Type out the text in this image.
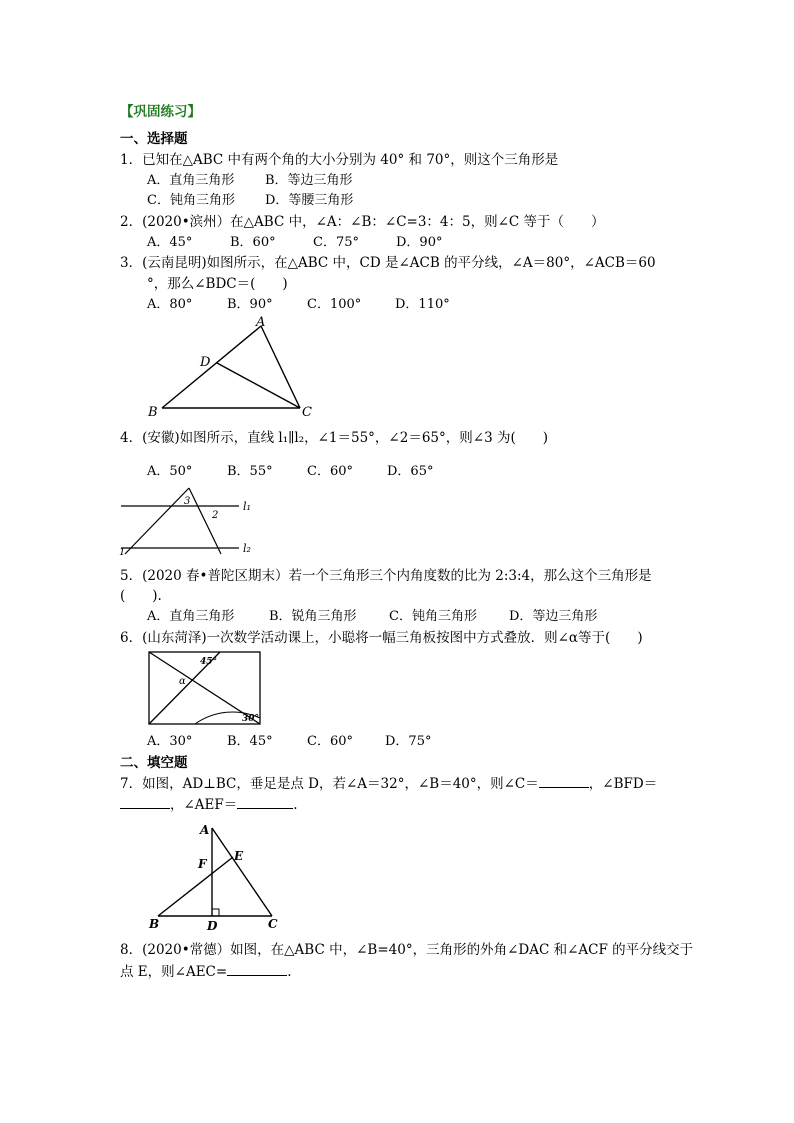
【巩固练习】
一、选择题
1．已知在△ABC 中有两个角的大小分别为 40° 和 70°，则这个三角形是
A．直角三角形 B．等边三角形
C．钝角三角形 D．等腰三角形
2．(2020•滨州）在△ABC 中，∠A：∠B：∠C=3：4：5，则∠C 等于（　　）
A．45°	B．60°	C．75°	D．90°
3．(云南昆明)如图所示，在△ABC 中，CD 是∠ACB 的平分线，∠A＝80°，∠ACB＝60
°，那么∠BDC＝(　　)
A．80°	B．90°	C．100°	D．110°
A
D
B	C
4．(安徽)如图所示，直线 l₁∥l₂，∠1＝55°，∠2＝65°，则∠3 为(　　)
A．50°	B．55°	C．60°	D．65°
l₁
l₂
3
2
1
5．(2020 春•普陀区期末）若一个三角形三个内角度数的比为 2:3:4，那么这个三角形是
(　　).
A．直角三角形	B．锐角三角形 C．钝角三角形 D．等边三角形
6．(山东菏泽)一次数学活动课上，小聪将一幅三角板按图中方式叠放．则∠α等于(　　)
45°
30°
α
A．30°	B．45°	C．60° D．75°
二、填空题
7．如图，AD⊥BC，垂足是点 D，若∠A＝32°，∠B＝40°，则∠C＝	，∠BFD＝
，∠AEF＝	.
A
F
E
B	D	C
8．(2020•常德）如图，在△ABC 中，∠B=40°，三角形的外角∠DAC 和∠ACF 的平分线交于
点 E，则∠AEC=	.
